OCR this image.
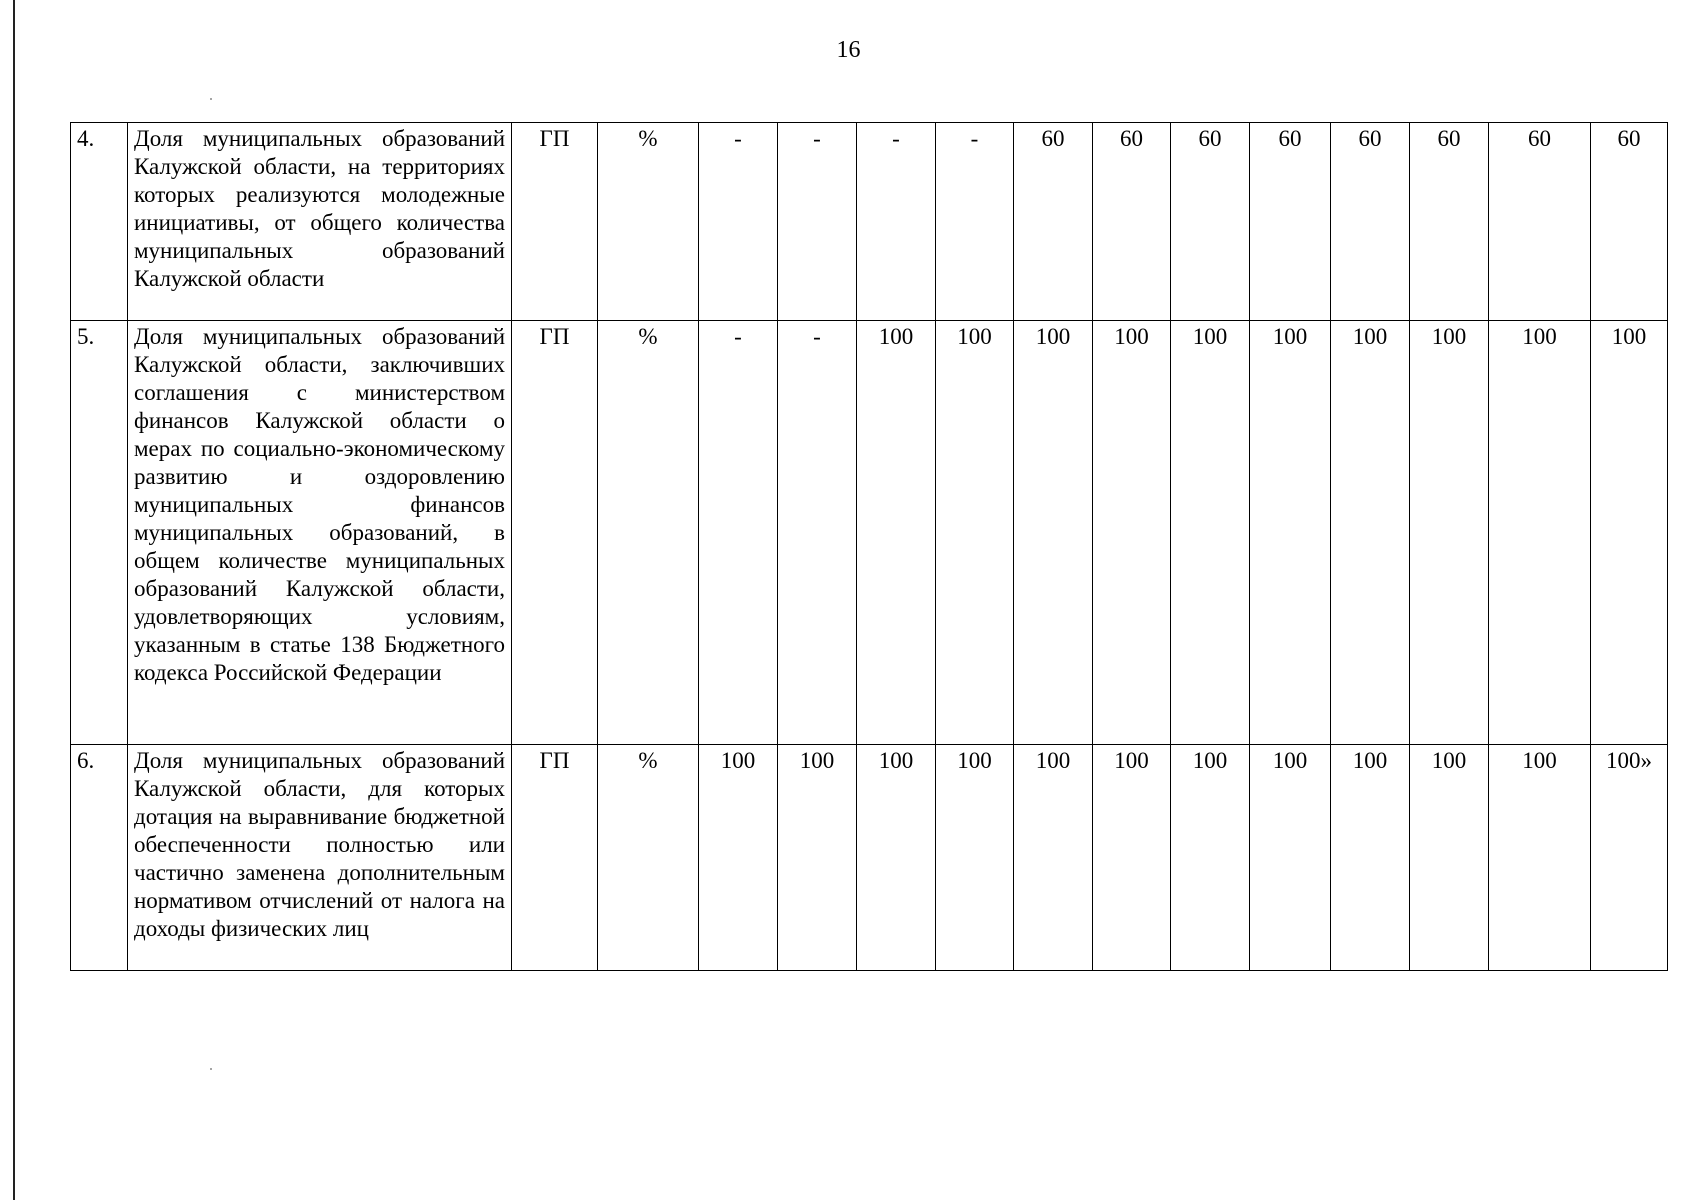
16
4.	Доля муниципальных образований Калужской области, на территориях которых реализуются молодежные инициативы, от общего количества муниципальных образований Калужской области	ГП	%	-	-	-	-	60	60	60	60	60	60	60	60
5.	Доля муниципальных образований Калужской области, заключивших соглашения с министерством финансов Калужской области о мерах по социально-экономическому развитию и оздоровлению муниципальных финансов муниципальных образований, в общем количестве муниципальных образований Калужской области, удовлетворяющих условиям, указанным в статье 138 Бюджетного кодекса Российской Федерации	ГП	%	-	-	100	100	100	100	100	100	100	100	100	100
6.	Доля муниципальных образований Калужской области, для которых дотация на выравнивание бюджетной обеспеченности полностью или частично заменена дополнительным нормативом отчислений от налога на доходы физических лиц	ГП	%	100	100	100	100	100	100	100	100	100	100	100	100»
